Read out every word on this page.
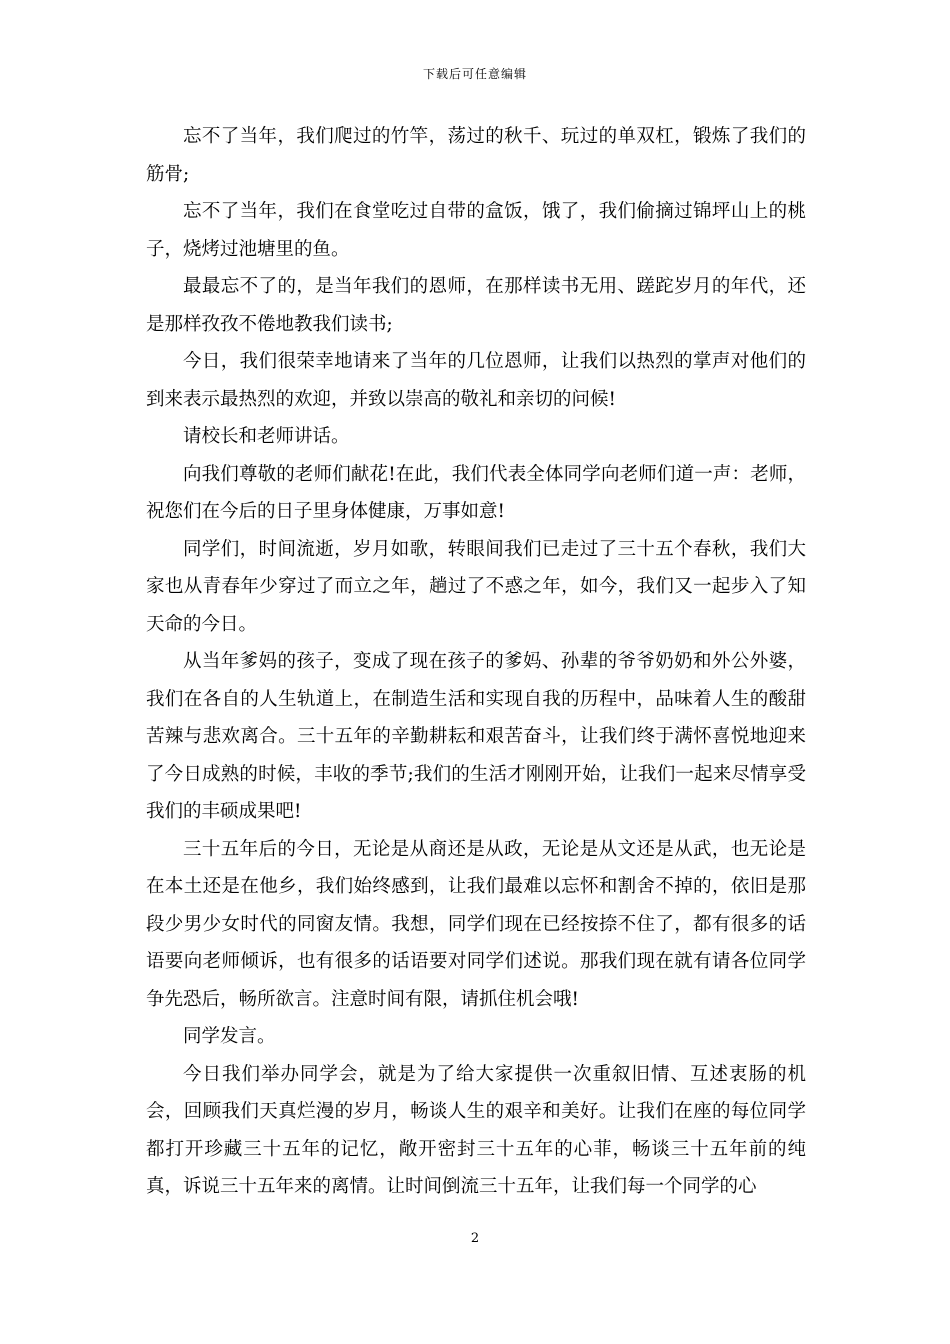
下载后可任意编辑

忘不了当年，我们爬过的竹竿，荡过的秋千、玩过的单双杠，锻炼了我们的筋骨;

忘不了当年，我们在食堂吃过自带的盒饭，饿了，我们偷摘过锦坪山上的桃子，烧烤过池塘里的鱼。

最最忘不了的，是当年我们的恩师，在那样读书无用、蹉跎岁月的年代，还是那样孜孜不倦地教我们读书;

今日，我们很荣幸地请来了当年的几位恩师，让我们以热烈的掌声对他们的到来表示最热烈的欢迎，并致以崇高的敬礼和亲切的问候!

请校长和老师讲话。

向我们尊敬的老师们献花!在此，我们代表全体同学向老师们道一声：老师，祝您们在今后的日子里身体健康，万事如意!

同学们，时间流逝，岁月如歌，转眼间我们已走过了三十五个春秋，我们大家也从青春年少穿过了而立之年，趟过了不惑之年，如今，我们又一起步入了知天命的今日。

从当年爹妈的孩子，变成了现在孩子的爹妈、孙辈的爷爷奶奶和外公外婆，我们在各自的人生轨道上，在制造生活和实现自我的历程中，品味着人生的酸甜苦辣与悲欢离合。三十五年的辛勤耕耘和艰苦奋斗，让我们终于满怀喜悦地迎来了今日成熟的时候，丰收的季节;我们的生活才刚刚开始，让我们一起来尽情享受我们的丰硕成果吧!

三十五年后的今日，无论是从商还是从政，无论是从文还是从武，也无论是在本土还是在他乡，我们始终感到，让我们最难以忘怀和割舍不掉的，依旧是那段少男少女时代的同窗友情。我想，同学们现在已经按捺不住了，都有很多的话语要向老师倾诉，也有很多的话语要对同学们述说。那我们现在就有请各位同学争先恐后，畅所欲言。注意时间有限，请抓住机会哦!

同学发言。

今日我们举办同学会，就是为了给大家提供一次重叙旧情、互述衷肠的机会，回顾我们天真烂漫的岁月，畅谈人生的艰辛和美好。让我们在座的每位同学都打开珍藏三十五年的记忆，敞开密封三十五年的心菲，畅谈三十五年前的纯真，诉说三十五年来的离情。让时间倒流三十五年，让我们每一个同学的心

2
